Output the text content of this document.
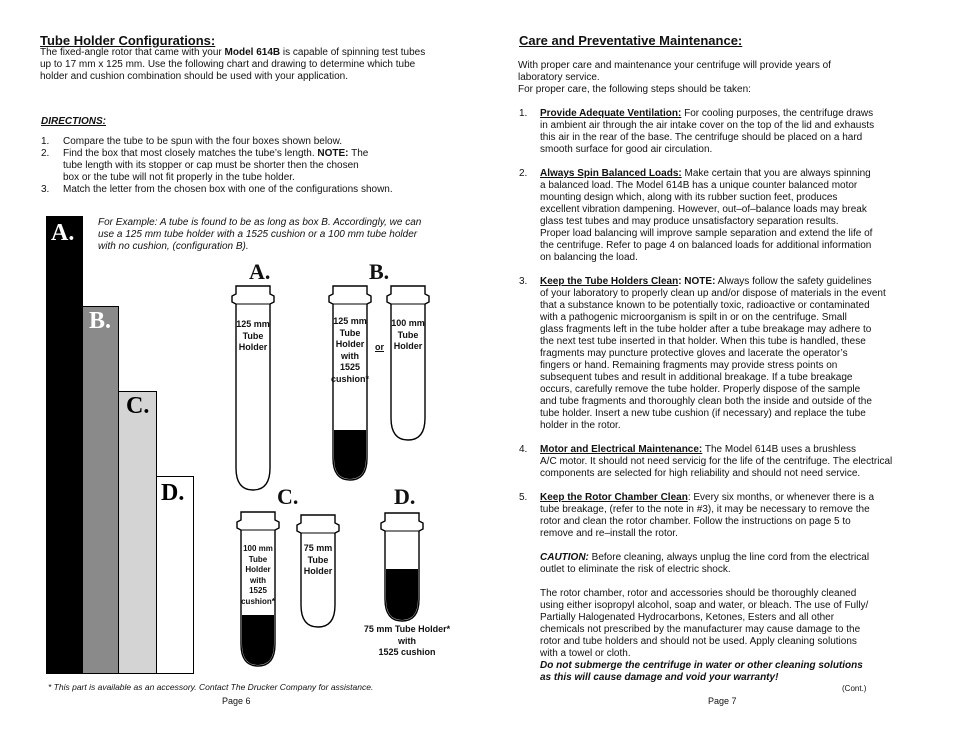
Tube Holder Configurations:
The fixed-angle rotor that came with your Model 614B is capable of spinning test tubes
up to 17 mm x 125 mm. Use the following chart and drawing to determine which tube
holder and cushion combination should be used with your application.
DIRECTIONS:
1. Compare the tube to be spun with the four boxes shown below.
2. Find the box that most closely matches the tube’s length. NOTE: The
tube length with its stopper or cap must be shorter then the chosen
box or the tube will not fit properly in the tube holder.
3. Match the letter from the chosen box with one of the configurations shown.
For Example: A tube is found to be as long as box B. Accordingly, we can
use a 125 mm tube holder with a 1525 cushion or a 100 mm tube holder
with no cushion, (configuration B).
A.
B.
C.
D.
A.	B.
C.	D.
125 mm
Tube
Holder
125 mm
Tube
Holder
with
1525
cushion*
or
100 mm
Tube
Holder
100 mm
Tube
Holder
with
1525
cushion*
75 mm
Tube
Holder
75 mm Tube Holder*
with
1525 cushion
* This part is available as an accessory. Contact The Drucker Company for assistance.
Page 6
Care and Preventative Maintenance:
With proper care and maintenance your centrifuge will provide years of
laboratory service.
For proper care, the following steps should be taken:
1. Provide Adequate Ventilation: For cooling purposes, the centrifuge draws
in ambient air through the air intake cover on the top of the lid and exhausts
this air in the rear of the base. The centrifuge should be placed on a hard
smooth surface for good air circulation.
2. Always Spin Balanced Loads: Make certain that you are always spinning
a balanced load. The Model 614B has a unique counter balanced motor
mounting design which, along with its rubber suction feet, produces
excellent vibration dampening. However, out–of–balance loads may break
glass test tubes and may produce unsatisfactory separation results.
Proper load balancing will improve sample separation and extend the life of
the centrifuge. Refer to page 4 on balanced loads for additional information
on balancing the load.
3. Keep the Tube Holders Clean: NOTE: Always follow the safety guidelines
of your laboratory to properly clean up and/or dispose of materials in the event
that a substance known to be potentially toxic, radioactive or contaminated
with a pathogenic microorganism is spilt in or on the centrifuge. Small
glass fragments left in the tube holder after a tube breakage may adhere to
the next test tube inserted in that holder. When this tube is handled, these
fragments may puncture protective gloves and lacerate the operator’s
fingers or hand. Remaining fragments may provide stress points on
subsequent tubes and result in additional breakage. If a tube breakage
occurs, carefully remove the tube holder. Properly dispose of the sample
and tube fragments and thoroughly clean both the inside and outside of the
tube holder. Insert a new tube cushion (if necessary) and replace the tube
holder in the rotor.
4. Motor and Electrical Maintenance: The Model 614B uses a brushless
A/C motor. It should not need servicig for the life of the centrifuge. The electrical
components are selected for high reliability and should not need service.
5. Keep the Rotor Chamber Clean: Every six months, or whenever there is a
tube breakage, (refer to the note in #3), it may be necessary to remove the
rotor and clean the rotor chamber. Follow the instructions on page 5 to
remove and re–install the rotor.
CAUTION: Before cleaning, always unplug the line cord from the electrical
outlet to eliminate the risk of electric shock.
The rotor chamber, rotor and accessories should be thoroughly cleaned
using either isopropyl alcohol, soap and water, or bleach. The use of Fully/
Partially Halogenated Hydrocarbons, Ketones, Esters and all other
chemicals not prescribed by the manufacturer may cause damage to the
rotor and tube holders and should not be used. Apply cleaning solutions
with a towel or cloth.
Do not submerge the centrifuge in water or other cleaning solutions
as this will cause damage and void your warranty!
(Cont.)
Page 7
